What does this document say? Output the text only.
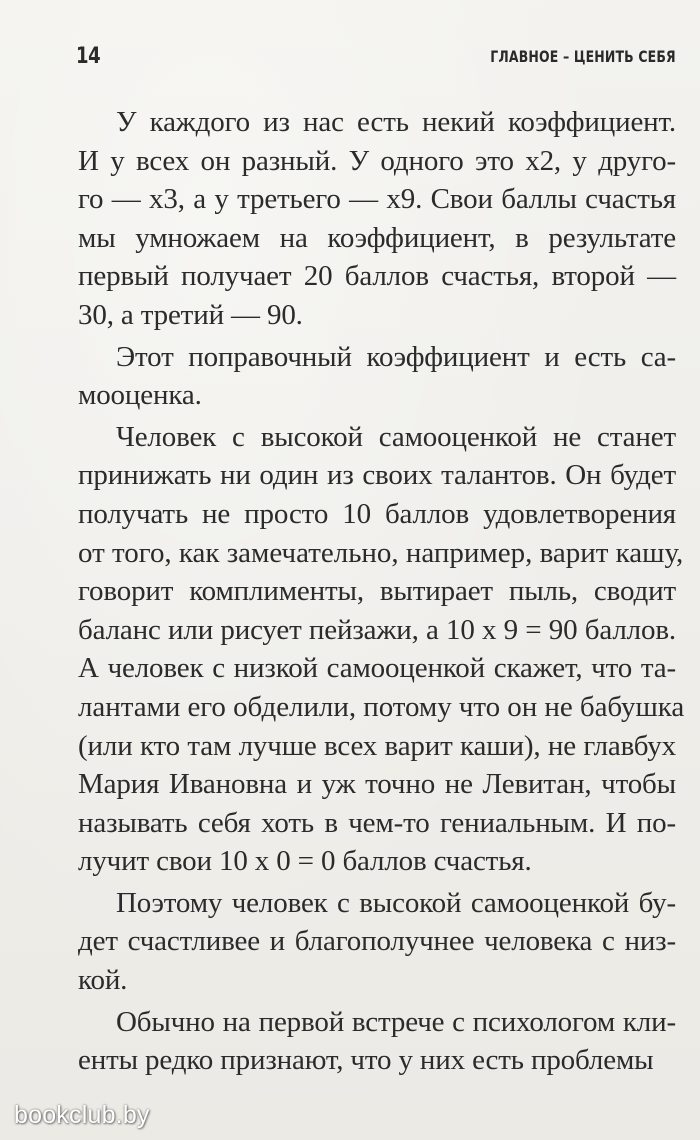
14	ГЛАВНОЕ – ЦЕНИТЬ СЕБЯ

У каждого из нас есть некий коэффициент.
И у всех он разный. У одного это х2, у друго-
го — х3, а у третьего — х9. Свои баллы счастья
мы умножаем на коэффициент, в результате
первый получает 20 баллов счастья, второй —
30, а третий — 90.

Этот поправочный коэффициент и есть са-
мооценка.

Человек с высокой самооценкой не станет
принижать ни один из своих талантов. Он будет
получать не просто 10 баллов удовлетворения
от того, как замечательно, например, варит кашу,
говорит комплименты, вытирает пыль, сводит
баланс или рисует пейзажи, а 10 х 9 = 90 баллов.
А человек с низкой самооценкой скажет, что та-
лантами его обделили, потому что он не бабушка
(или кто там лучше всех варит каши), не главбух
Мария Ивановна и уж точно не Левитан, чтобы
называть себя хоть в чем-то гениальным. И по-
лучит свои 10 х 0 = 0 баллов счастья.

Поэтому человек с высокой самооценкой бу-
дет счастливее и благополучнее человека с низ-
кой.

Обычно на первой встрече с психологом кли-
енты редко признают, что у них есть проблемы

bookclub.by
